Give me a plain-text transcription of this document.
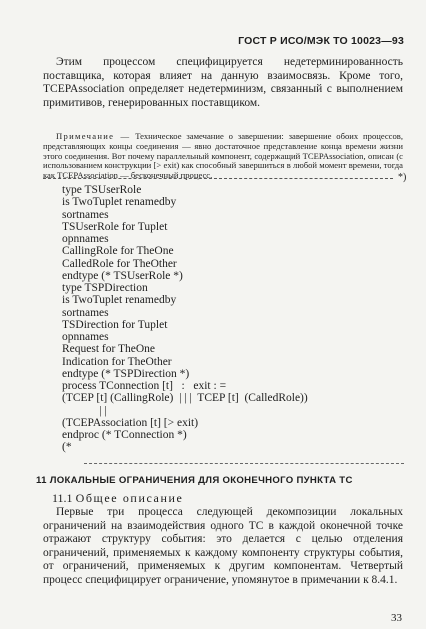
ГОСТ Р ИСО/МЭК ТО 10023—93
Этим процессом специфицируется недетерминированность поставщика, которая влияет на данную взаимосвязь. Кроме того, TCEPAssociation определяет недетерминизм, связанный с выполнением примитивов, генерированных поставщиком.
Примечание — Техническое замечание о завершении: завершение обоих процессов, представляющих концы соединения — явно достаточное представление конца времени жизни этого соединения. Вот почему параллельный компонент, содержащий TCEPAssociation, описан (с использованием конструкции [> exit) как способный завершиться в любой момент времени, тогда как TCEPAssociation — бесконечный процесс.	*)
type TSUserRole
is TwoTuplet renamedby
sortnames
TSUserRole for Tuplet
opnnames
CallingRole for TheOne
CalledRole for TheOther
endtype (* TSUserRole *)
type TSPDirection
is TwoTuplet renamedby
sortnames
TSDirection for Tuplet
opnnames
Request for TheOne
Indication for TheOther
endtype (* TSPDirection *)
process TConnection [t]   :   exit : =
(TCEP [t] (CallingRole)  | | |  TCEP [t]  (CalledRole))
| |
(TCEPAssociation [t] [> exit)
endproc (* TConnection *)
(*
11 ЛОКАЛЬНЫЕ ОГРАНИЧЕНИЯ ДЛЯ ОКОНЕЧНОГО ПУНКТА ТС
11.1 Общее описание
Первые три процесса следующей декомпозиции локальных ограничений на взаимодействия одного ТС в каждой оконечной точке отражают структуру события: это делается с целью отделения ограничений, применяемых к каждому компоненту структуры события, от ограничений, применяемых к другим компонентам. Четвертый процесс специфицирует ограничение, упомянутое в примечании к 8.4.1.
33
